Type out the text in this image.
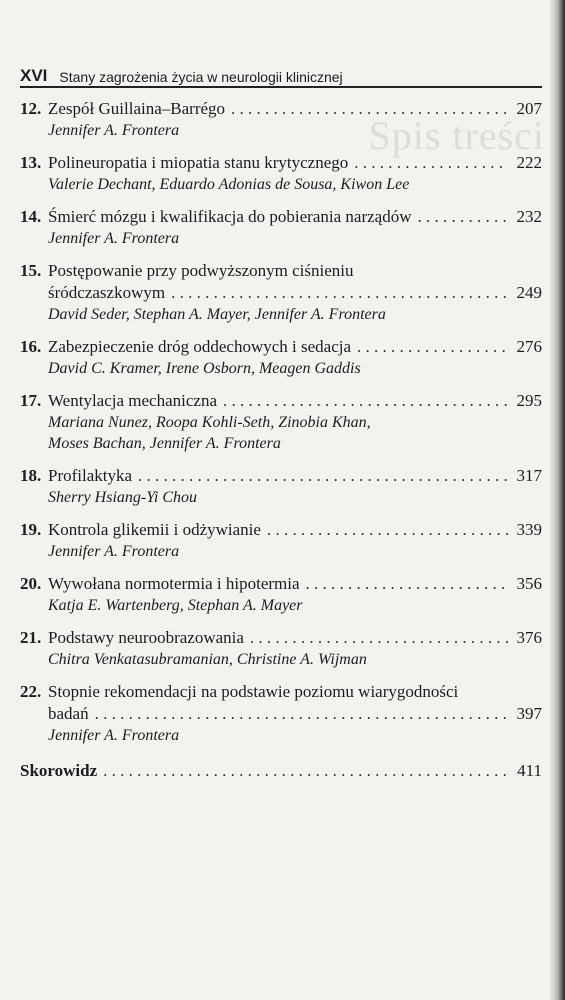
Spis treści
XVI Stany zagrożenia życia w neurologii klinicznej
12. Zespół Guillaina–Barrégo . . .	207
Jennifer A. Frontera
13. Polineuropatia i miopatia stanu krytycznego . . .	222
Valerie Dechant, Eduardo Adonias de Sousa, Kiwon Lee
14. Śmierć mózgu i kwalifikacja do pobierania narządów . . .	232
Jennifer A. Frontera
15. Postępowanie przy podwyższonym ciśnieniu
śródczaszkowym . . .	249
David Seder, Stephan A. Mayer, Jennifer A. Frontera
16. Zabezpieczenie dróg oddechowych i sedacja . . .	276
David C. Kramer, Irene Osborn, Meagen Gaddis
17. Wentylacja mechaniczna . . .	295
Mariana Nunez, Roopa Kohli-Seth, Zinobia Khan,
Moses Bachan, Jennifer A. Frontera
18. Profilaktyka . . .	317
Sherry Hsiang-Yi Chou
19. Kontrola glikemii i odżywianie . . .	339
Jennifer A. Frontera
20. Wywołana normotermia i hipotermia . . .	356
Katja E. Wartenberg, Stephan A. Mayer
21. Podstawy neuroobrazowania . . .	376
Chitra Venkatasubramanian, Christine A. Wijman
22. Stopnie rekomendacji na podstawie poziomu wiarygodności
badań . . .	397
Jennifer A. Frontera
Skorowidz . . .	411
